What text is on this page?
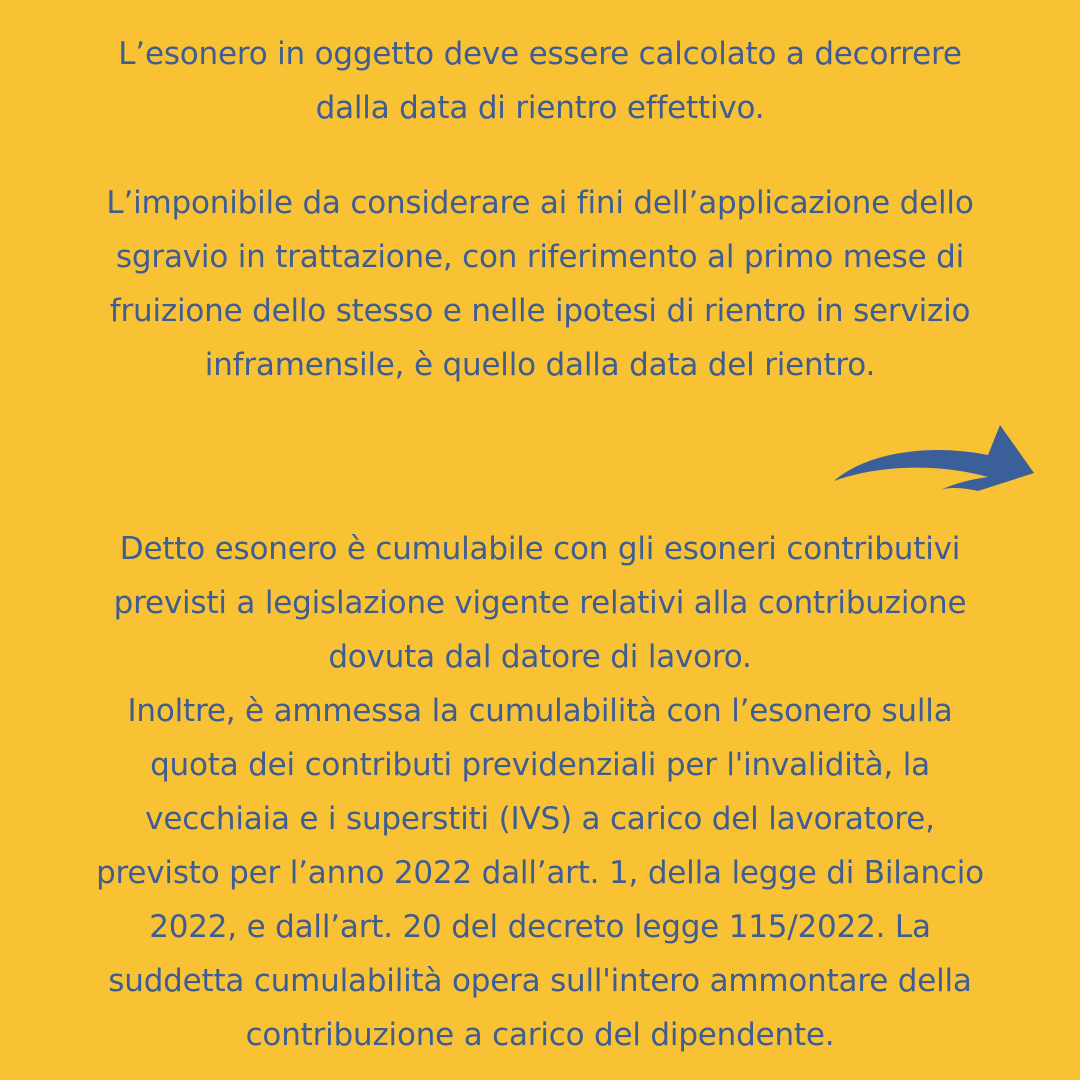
L’esonero in oggetto deve essere calcolato a decorrere
dalla data di rientro effettivo.

L’imponibile da considerare ai fini dell’applicazione dello
sgravio in trattazione, con riferimento al primo mese di
fruizione dello stesso e nelle ipotesi di rientro in servizio
inframensile, è quello dalla data del rientro.

Detto esonero è cumulabile con gli esoneri contributivi
previsti a legislazione vigente relativi alla contribuzione
dovuta dal datore di lavoro.
Inoltre, è ammessa la cumulabilità con l’esonero sulla
quota dei contributi previdenziali per l'invalidità, la
vecchiaia e i superstiti (IVS) a carico del lavoratore,
previsto per l’anno 2022 dall’art. 1, della legge di Bilancio
2022, e dall’art. 20 del decreto legge 115/2022. La
suddetta cumulabilità opera sull'intero ammontare della
contribuzione a carico del dipendente.
